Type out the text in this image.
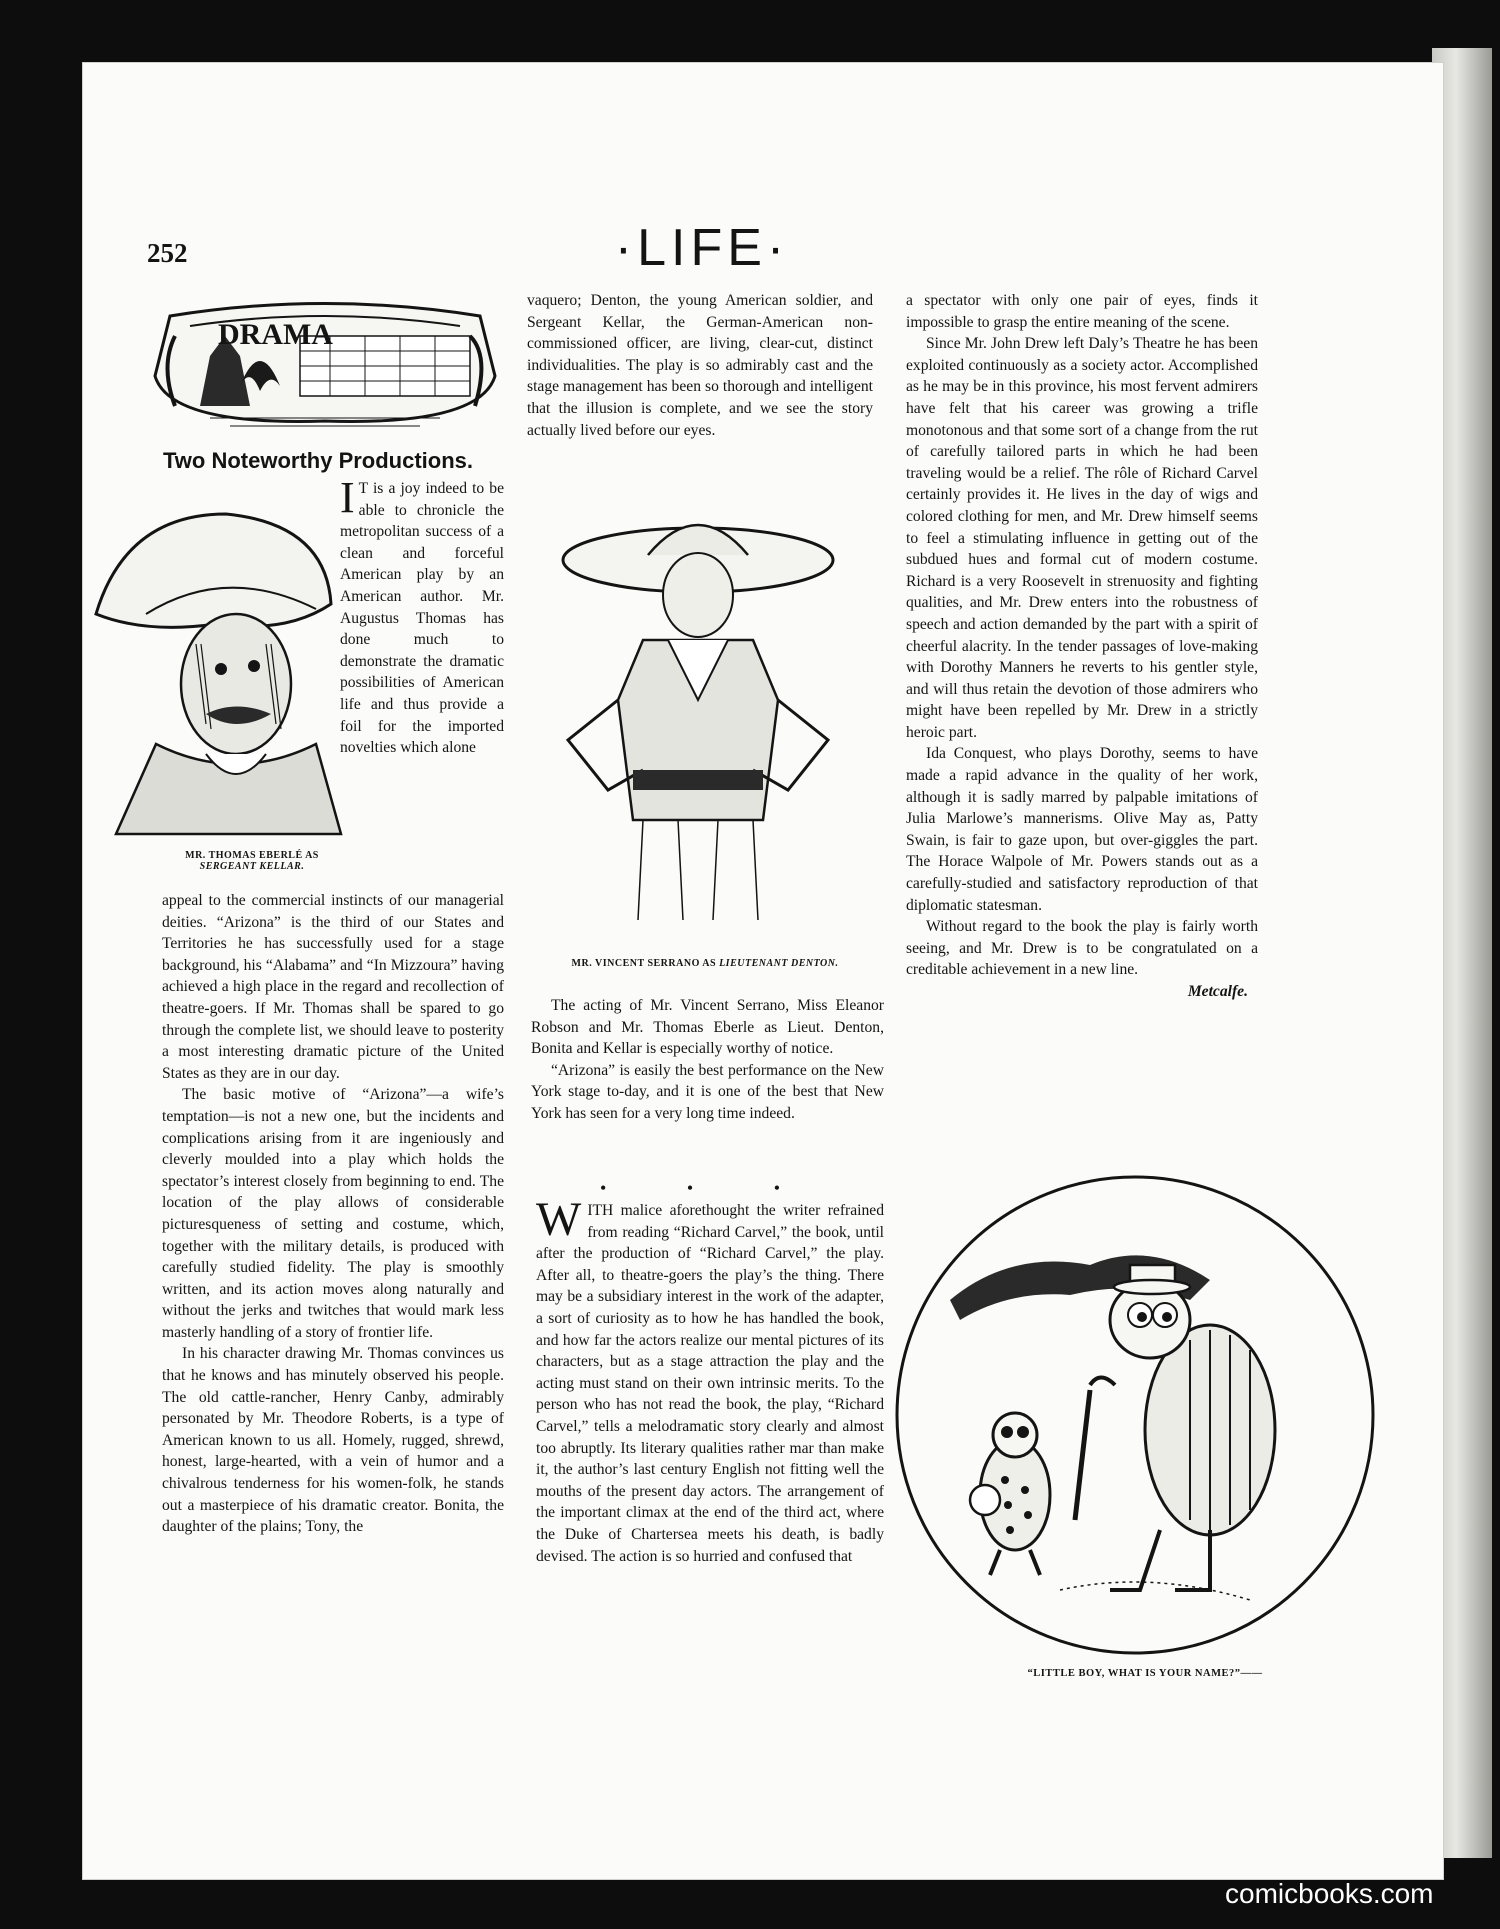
252	·LIFE·
DRAMA
Two Noteworthy Productions.
I T is a joy indeed to be able to chronicle the metropolitan success of a clean and forceful American play by an American author. Mr. Augustus Thomas has done much to demonstrate the dramatic possibilities of American life and thus provide a foil for the imported novelties which alone
MR. THOMAS EBERLÉ AS
SERGEANT KELLAR.

appeal to the commercial instincts of our managerial deities. “Arizona” is the third of our States and Territories he has successfully used for a stage background, his “Alabama” and “In Mizzoura” having achieved a high place in the regard and recollection of theatre-goers. If Mr. Thomas shall be spared to go through the complete list, we should leave to posterity a most interesting dramatic picture of the United States as they are in our day.

The basic motive of “Arizona”—a wife’s temptation—is not a new one, but the incidents and complications arising from it are ingeniously and cleverly moulded into a play which holds the spectator’s interest closely from beginning to end. The location of the play allows of considerable picturesqueness of setting and costume, which, together with the military details, is produced with carefully studied fidelity. The play is smoothly written, and its action moves along naturally and without the jerks and twitches that would mark less masterly handling of a story of frontier life.

In his character drawing Mr. Thomas convinces us that he knows and has minutely observed his people. The old cattle-rancher, Henry Canby, admirably personated by Mr. Theodore Roberts, is a type of American known to us all. Homely, rugged, shrewd, honest, large-hearted, with a vein of humor and a chivalrous tenderness for his women-folk, he stands out a masterpiece of his dramatic creator. Bonita, the daughter of the plains; Tony, the

vaquero; Denton, the young American soldier, and Sergeant Kellar, the German-American non-commissioned officer, are living, clear-cut, distinct individualities. The play is so admirably cast and the stage management has been so thorough and intelligent that the illusion is complete, and we see the story actually lived before our eyes.

MR. VINCENT SERRANO AS LIEUTENANT DENTON.

The acting of Mr. Vincent Serrano, Miss Eleanor Robson and Mr. Thomas Eberle as Lieut. Denton, Bonita and Kellar is especially worthy of notice.

“Arizona” is easily the best performance on the New York stage to-day, and it is one of the best that New York has seen for a very long time indeed.

•	•	•
WITH malice aforethought the writer refrained from reading “Richard Carvel,” the book, until after the production of “Richard Carvel,” the play. After all, to theatre-goers the play’s the thing. There may be a subsidiary interest in the work of the adapter, a sort of curiosity as to how he has handled the book, and how far the actors realize our mental pictures of its characters, but as a stage attraction the play and the acting must stand on their own intrinsic merits. To the person who has not read the book, the play, “Richard Carvel,” tells a melodramatic story clearly and almost too abruptly. Its literary qualities rather mar than make it, the author’s last century English not fitting well the mouths of the present day actors. The arrangement of the important climax at the end of the third act, where the Duke of Chartersea meets his death, is badly devised. The action is so hurried and confused that

a spectator with only one pair of eyes, finds it impossible to grasp the entire meaning of the scene.

Since Mr. John Drew left Daly’s Theatre he has been exploited continuously as a society actor. Accomplished as he may be in this province, his most fervent admirers have felt that his career was growing a trifle monotonous and that some sort of a change from the rut of carefully tailored parts in which he had been traveling would be a relief. The rôle of Richard Carvel certainly provides it. He lives in the day of wigs and colored clothing for men, and Mr. Drew himself seems to feel a stimulating influence in getting out of the subdued hues and formal cut of modern costume. Richard is a very Roosevelt in strenuosity and fighting qualities, and Mr. Drew enters into the robustness of speech and action demanded by the part with a spirit of cheerful alacrity. In the tender passages of love-making with Dorothy Manners he reverts to his gentler style, and will thus retain the devotion of those admirers who might have been repelled by Mr. Drew in a strictly heroic part.

Ida Conquest, who plays Dorothy, seems to have made a rapid advance in the quality of her work, although it is sadly marred by palpable imitations of Julia Marlowe’s mannerisms. Olive May as, Patty Swain, is fair to gaze upon, but over-giggles the part. The Horace Walpole of Mr. Powers stands out as a carefully-studied and satisfactory reproduction of that diplomatic statesman.

Without regard to the book the play is fairly worth seeing, and Mr. Drew is to be congratulated on a creditable achievement in a new line.

Metcalfe.
“LITTLE BOY, WHAT IS YOUR NAME?”——
comicbooks.com
